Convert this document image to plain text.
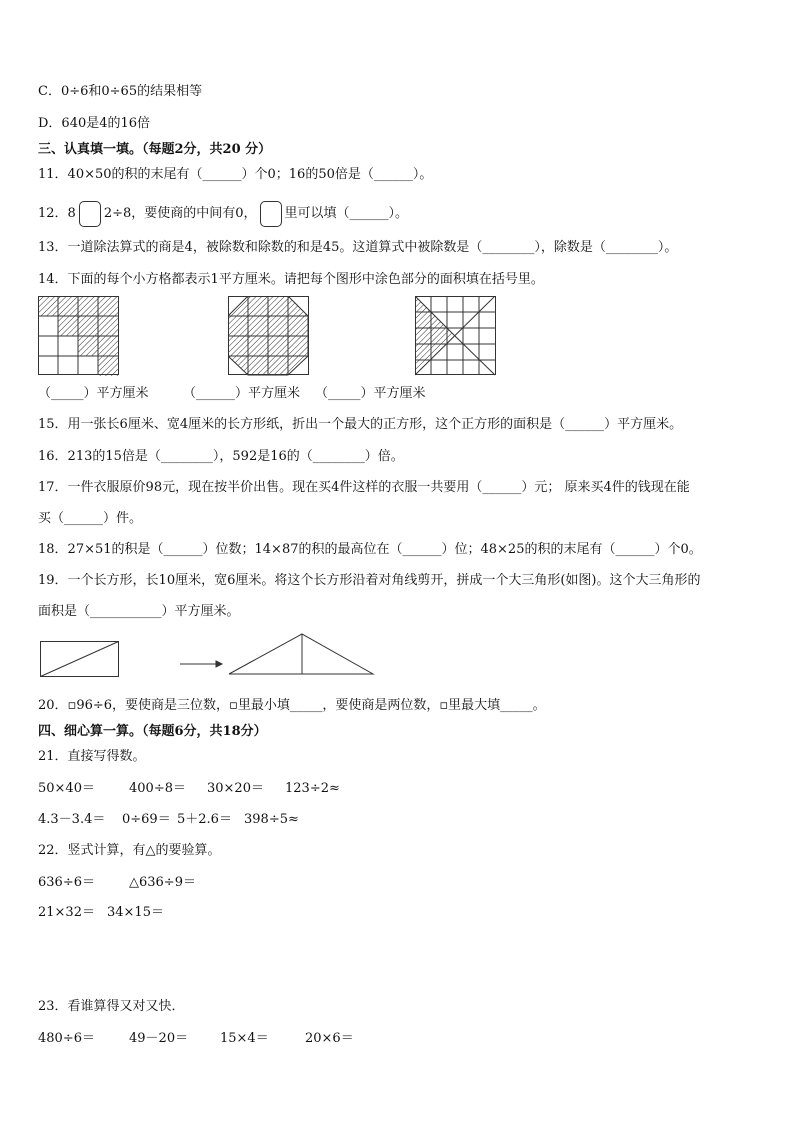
C．0÷6和0÷65的结果相等
D．640是4的16倍
三、认真填一填。（每题2分，共20 分）
11．40×50的积的末尾有（______）个0；16的50倍是（______）。
12．8 2÷8，要使商的中间有0， 里可以填（______）。
13．一道除法算式的商是4，被除数和除数的和是45。这道算式中被除数是（________），除数是（________）。
14．下面的每个小方格都表示1平方厘米。请把每个图形中涂色部分的面积填在括号里。
（_____）平方厘米	（______）平方厘米 （_____）平方厘米
15．用一张长6厘米、宽4厘米的长方形纸，折出一个最大的正方形，这个正方形的面积是（______）平方厘米。
16．213的15倍是（________），592是16的（________）倍。
17．一件衣服原价98元，现在按半价出售。现在买4件这样的衣服一共要用（______）元； 原来买4件的钱现在能
买（______）件。
18．27×51的积是（______）位数；14×87的积的最高位在（______）位；48×25的积的末尾有（______）个0。
19．一个长方形，长10厘米，宽6厘米。将这个长方形沿着对角线剪开，拼成一个大三角形(如图)。这个大三角形的
面积是（___________）平方厘米。
20．▫96÷6，要使商是三位数，▫里最小填_____，要使商是两位数，▫里最大填_____。
四、细心算一算。（每题6分，共18分）
21．直接写得数。
50×40＝	400÷8＝ 30×20＝ 123÷2≈
4.3－3.4＝ 0÷69＝ 5＋2.6＝ 398÷5≈
22．竖式计算，有△的要验算。
636÷6＝	△636÷9＝
21×32＝ 34×15＝
23．看谁算得又对又快．
480÷6＝	49－20＝ 15×4＝	20×6＝
